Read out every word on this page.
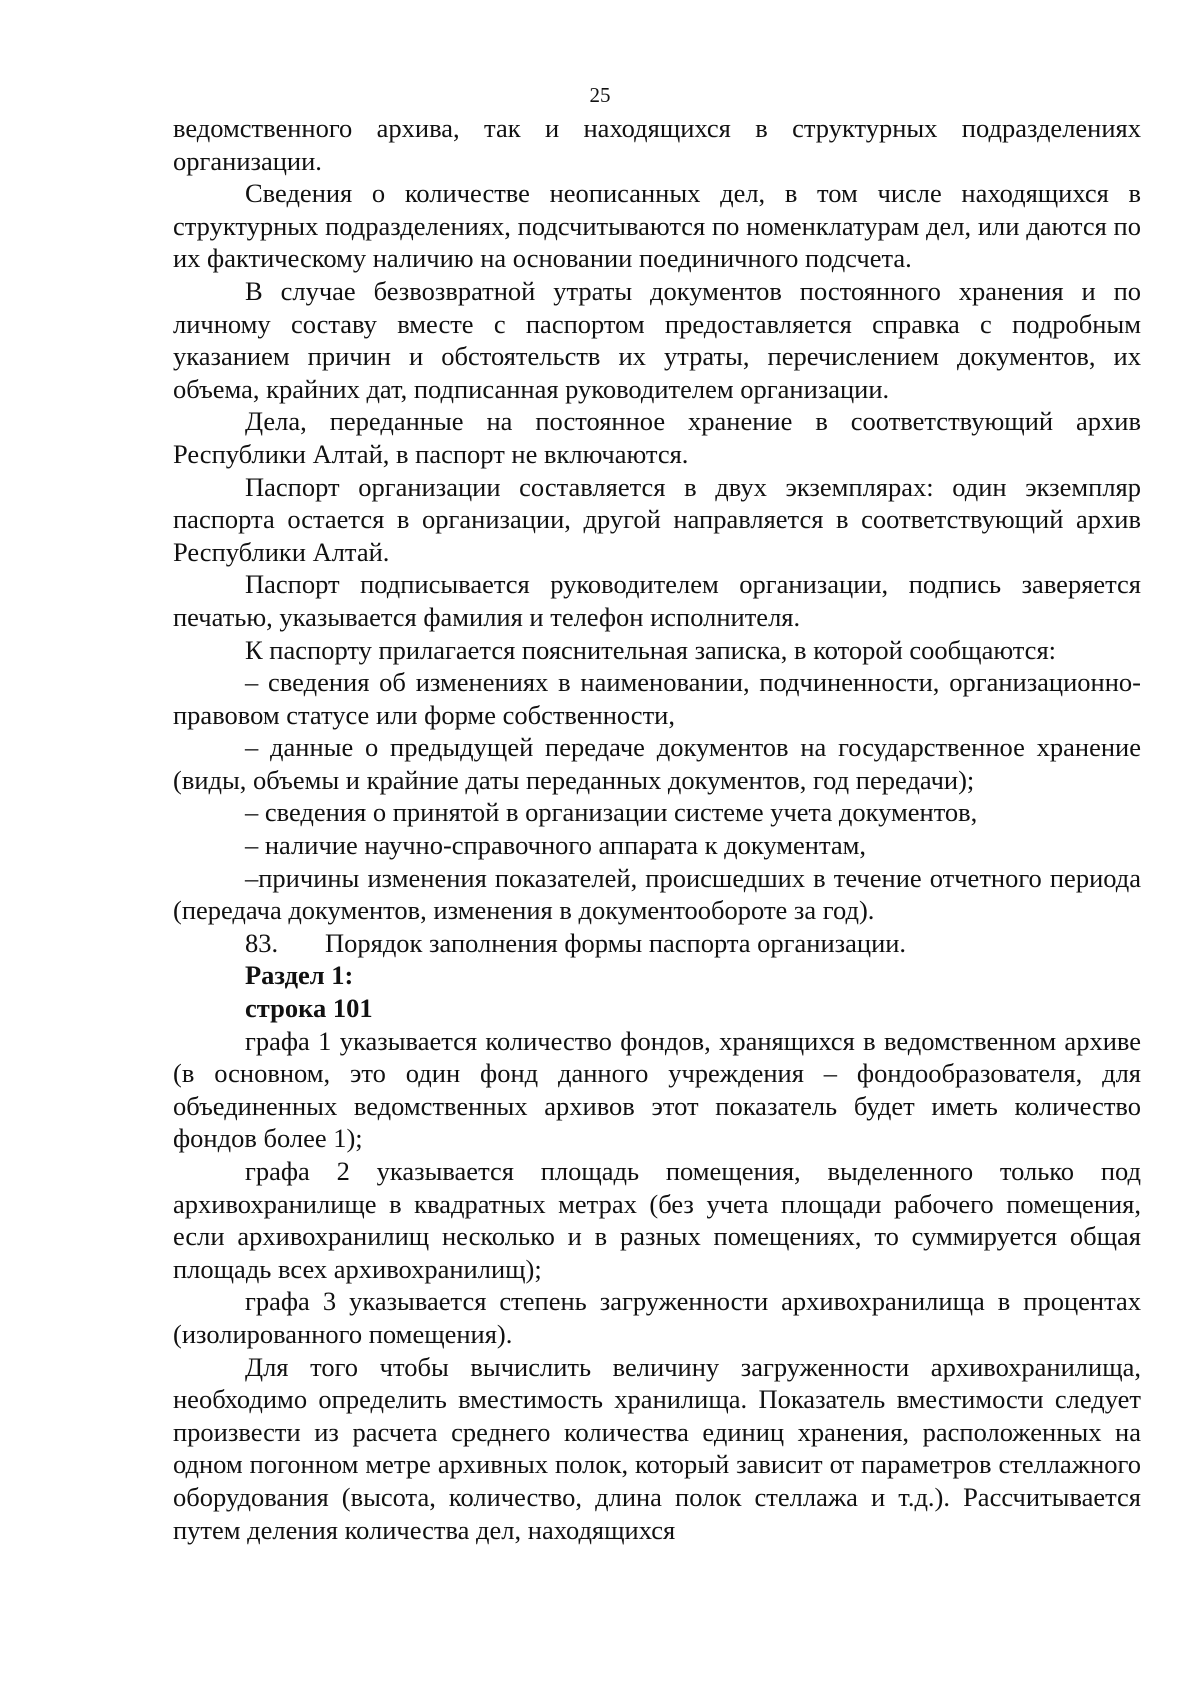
25

ведомственного архива, так и находящихся в структурных подразделениях организации.

Сведения о количестве неописанных дел, в том числе находящихся в структурных подразделениях, подсчитываются по номенклатурам дел, или даются по их фактическому наличию на основании поединичного подсчета.

В случае безвозвратной утраты документов постоянного хранения и по личному составу вместе с паспортом предоставляется справка с подробным указанием причин и обстоятельств их утраты, перечислением документов, их объема, крайних дат, подписанная руководителем организации.

Дела, переданные на постоянное хранение в соответствующий архив Республики Алтай, в паспорт не включаются.

Паспорт организации составляется в двух экземплярах: один экземпляр паспорта остается в организации, другой направляется в соответствующий архив Республики Алтай.

Паспорт подписывается руководителем организации, подпись заверяется печатью, указывается фамилия и телефон исполнителя.

К паспорту прилагается пояснительная записка, в которой сообщаются:

– сведения об изменениях в наименовании, подчиненности, организационно-правовом статусе или форме собственности,

– данные о предыдущей передаче документов на государственное хранение (виды, объемы и крайние даты переданных документов, год передачи);

– сведения о принятой в организации системе учета документов,

– наличие научно-справочного аппарата к документам,

–причины изменения показателей, происшедших в течение отчетного периода (передача документов, изменения в документообороте за год).

83. Порядок заполнения формы паспорта организации.

Раздел 1:

строка 101

графа 1 указывается количество фондов, хранящихся в ведомственном архиве (в основном, это один фонд данного учреждения – фондообразователя, для объединенных ведомственных архивов этот показатель будет иметь количество фондов более 1);

графа 2 указывается площадь помещения, выделенного только под архивохранилище в квадратных метрах (без учета площади рабочего помещения, если архивохранилищ несколько и в разных помещениях, то суммируется общая площадь всех архивохранилищ);

графа 3 указывается степень загруженности архивохранилища в процентах (изолированного помещения).

Для того чтобы вычислить величину загруженности архивохранилища, необходимо определить вместимость хранилища. Показатель вместимости следует произвести из расчета среднего количества единиц хранения, расположенных на одном погонном метре архивных полок, который зависит от параметров стеллажного оборудования (высота, количество, длина полок стеллажа и т.д.). Рассчитывается путем деления количества дел, находящихся
